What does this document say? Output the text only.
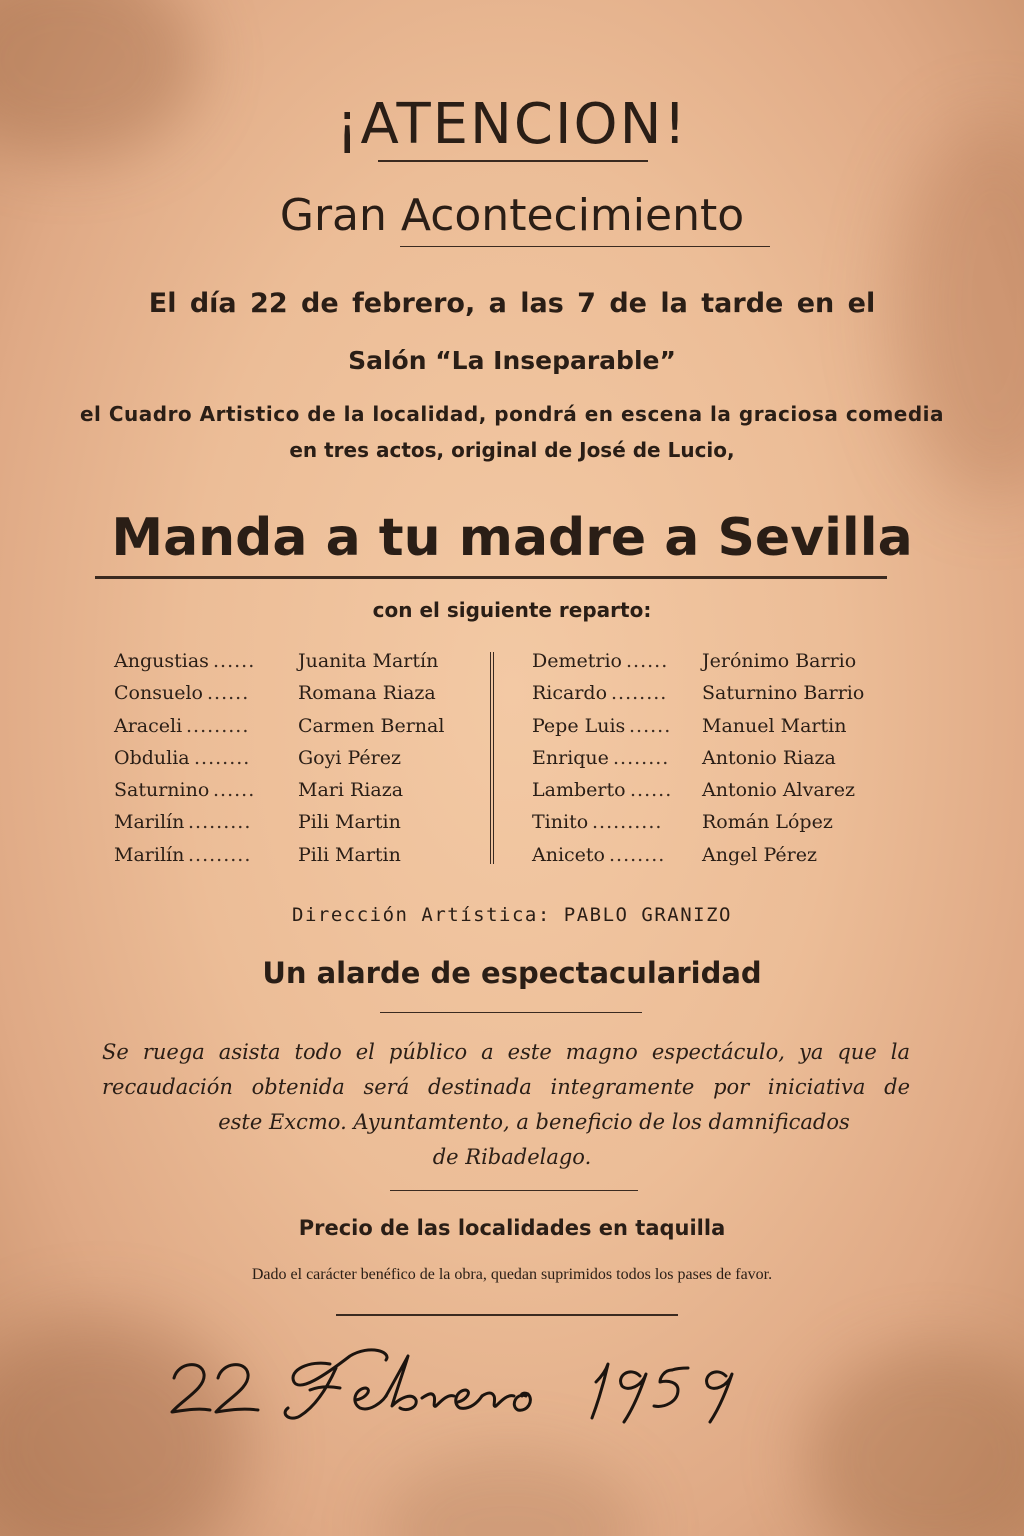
¡ATENCION!
Gran Acontecimiento
El día 22 de febrero, a las 7 de la tarde en el
Salón “La Inseparable”
el Cuadro Artistico de la localidad, pondrá en escena la graciosa comedia
en tres actos, original de José de Lucio,
Manda a tu madre a Sevilla
con el siguiente reparto:
Angustias ...... Juanita Martín
Consuelo ......	Romana Riaza
Araceli .........	Carmen Bernal
Obdulia ........	Goyi Pérez
Saturnino ...... Mari Riaza
Marilín ......... Pili Martin
Marilín ......... Pili Martin
Demetrio ...... Jerónimo Barrio
Ricardo ........ Saturnino Barrio
Pepe Luis ...... Manuel Martin
Enrique ........ Antonio Riaza
Lamberto ...... Antonio Alvarez
Tinito .......... Román López
Aniceto ........ Angel Pérez
Dirección Artística: PABLO GRANIZO
Un alarde de espectacularidad
Se ruega asista todo el público a este magno espectáculo, ya que la
recaudación obtenida será destinada integramente por iniciativa de
este Excmo. Ayuntamtento, a beneficio de los damnificados
de Ribadelago.
Precio de las localidades en taquilla
Dado el carácter benéfico de la obra, quedan suprimidos todos los pases de favor.
